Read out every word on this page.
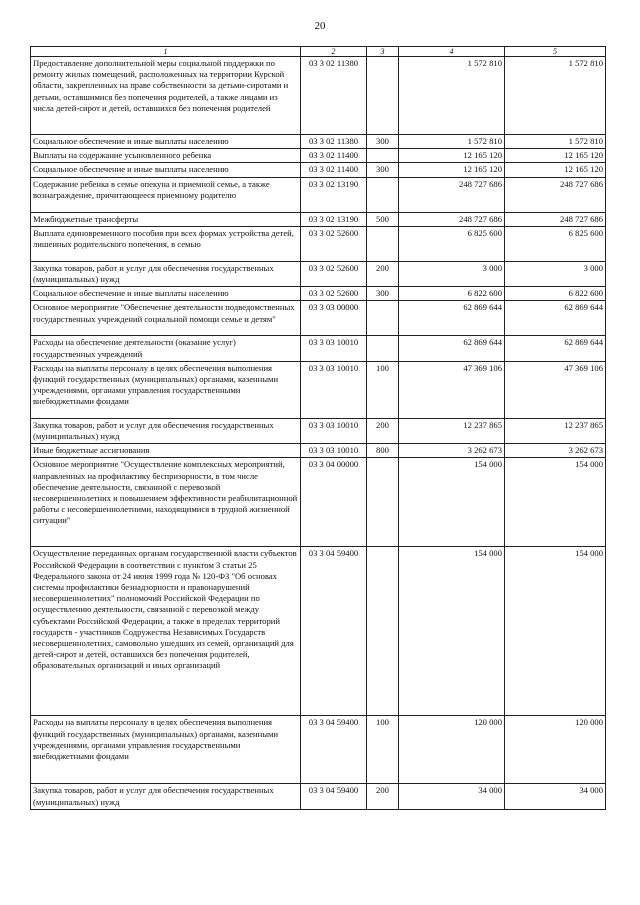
20
1	2	3	4	5
Предоставление дополнительной меры социальной поддержки по ремонту жилых помещений, расположенных на территории Курской области, закрепленных на праве собственности за детьми-сиротами и детьми, оставшимися без попечения родителей, а также лицами из числа детей-сирот и детей, оставшихся без попечения родителей	03 3 02 11380		1 572 810	1 572 810
Социальное обеспечение и иные выплаты населению	03 3 02 11380	300	1 572 810	1 572 810
Выплаты на содержание усыновленного ребенка	03 3 02 11400		12 165 120	12 165 120
Социальное обеспечение и иные выплаты населению	03 3 02 11400	300	12 165 120	12 165 120
Содержание ребенка в семье опекуна и приемной семье, а также вознаграждение, причитающееся приемному родителю	03 3 02 13190		248 727 686	248 727 686
Межбюджетные трансферты	03 3 02 13190	500	248 727 686	248 727 686
Выплата единовременного пособия при всех формах устройства детей, лишенных родительского попечения, в семью	03 3 02 52600		6 825 600	6 825 600
Закупка товаров, работ и услуг для обеспечения государственных (муниципальных) нужд	03 3 02 52600	200	3 000	3 000
Социальное обеспечение и иные выплаты населению	03 3 02 52600	300	6 822 600	6 822 600
Основное мероприятие "Обеспечение деятельности подведомственных государственных учреждений социальной помощи семье и детям"	03 3 03 00000		62 869 644	62 869 644
Расходы на обеспечение деятельности (оказание услуг) государственных учреждений	03 3 03 10010		62 869 644	62 869 644
Расходы на выплаты персоналу в целях обеспечения выполнения функций государственных (муниципальных) органами, казенными учреждениями, органами управления государственными внебюджетными фондами	03 3 03 10010	100	47 369 106	47 369 106
Закупка товаров, работ и услуг для обеспечения государственных (муниципальных) нужд	03 3 03 10010	200	12 237 865	12 237 865
Иные бюджетные ассигнования	03 3 03 10010	800	3 262 673	3 262 673
Основное мероприятие "Осуществление комплексных мероприятий, направленных на профилактику беспризорности, в том числе обеспечение деятельности, связанной с перевозкой несовершеннолетних и повышением эффективности реабилитационной работы с несовершеннолетними, находящимися в трудной жизненной ситуации"	03 3 04 00000		154 000	154 000
Осуществление переданных органам государственной власти субъектов Российской Федерации в соответствии с пунктом 3 статьи 25 Федерального закона от 24 июня 1999 года № 120-ФЗ "Об основах системы профилактики безнадзорности и правонарушений несовершеннолетних" полномочий Российской Федерации по осуществлению деятельности, связанной с перевозкой между субъектами Российской Федерации, а также в пределах территорий государств - участников Содружества Независимых Государств несовершеннолетних, самовольно ушедших из семей, организаций для детей-сирот и детей, оставшихся без попечения родителей, образовательных организаций и иных организаций	03 3 04 59400		154 000	154 000
Расходы на выплаты персоналу в целях обеспечения выполнения функций государственных (муниципальных) органами, казенными учреждениями, органами управления государственными внебюджетными фондами	03 3 04 59400	100	120 000	120 000
Закупка товаров, работ и услуг для обеспечения государственных (муниципальных) нужд	03 3 04 59400	200	34 000	34 000
